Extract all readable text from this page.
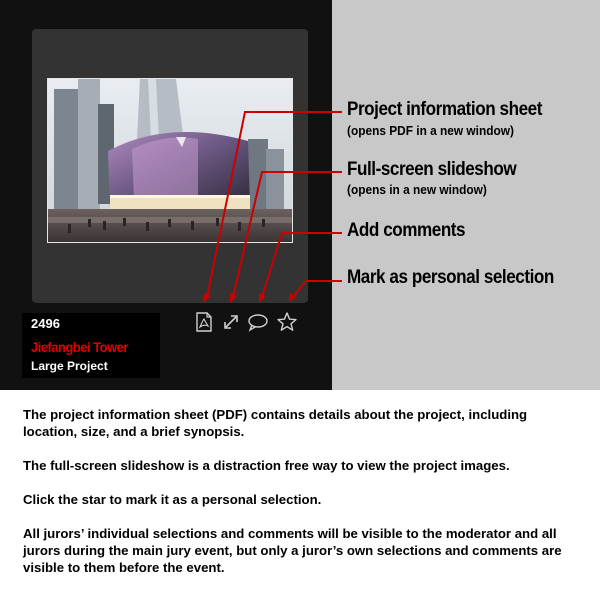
2496
Jiefangbei Tower
Large Project
Project information sheet
(opens PDF in a new window)
Full-screen slideshow
(opens in a new window)
Add comments
Mark as personal selection

The project information sheet (PDF) contains details about the project, including location, size, and a brief synopsis.

The full-screen slideshow is a distraction free way to view the project images.

Click the star to mark it as a personal selection.

All jurors’ individual selections and comments will be visible to the moderator and all jurors during the main jury event, but only a juror’s own selections and comments are visible to them before the event.
